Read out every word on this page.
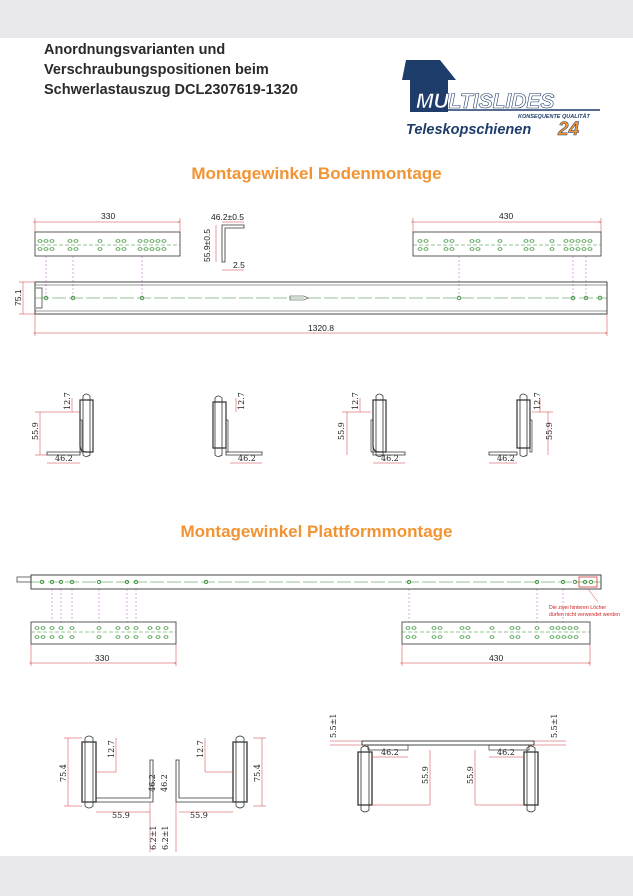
Anordnungsvarianten und
Verschraubungspositionen beim
Schwerlastauszug DCL2307619-1320	MULTISLIDES
KONSEQUENTE QUALITÄT
Teleskopschienen 24
Montagewinkel Bodenmontage
Montagewinkel Plattformmontage
330	46.2±0.5
55.9±0.5
2.5
430
75.1
1320.8
55.9
12.7
46.2
12.7
46.2
55.9
12.7
46.2
55.9
12.7
46.2
Die zwei hinteren Löcher
dürfen nicht verwendet werden
330	430
75.4	75.4
12.7	12.7
46.2 46.2
55.9	55.9
6.2±1 6.2±1
5.5±1	5.5±1
46.2	46.2
55.9	55.9
